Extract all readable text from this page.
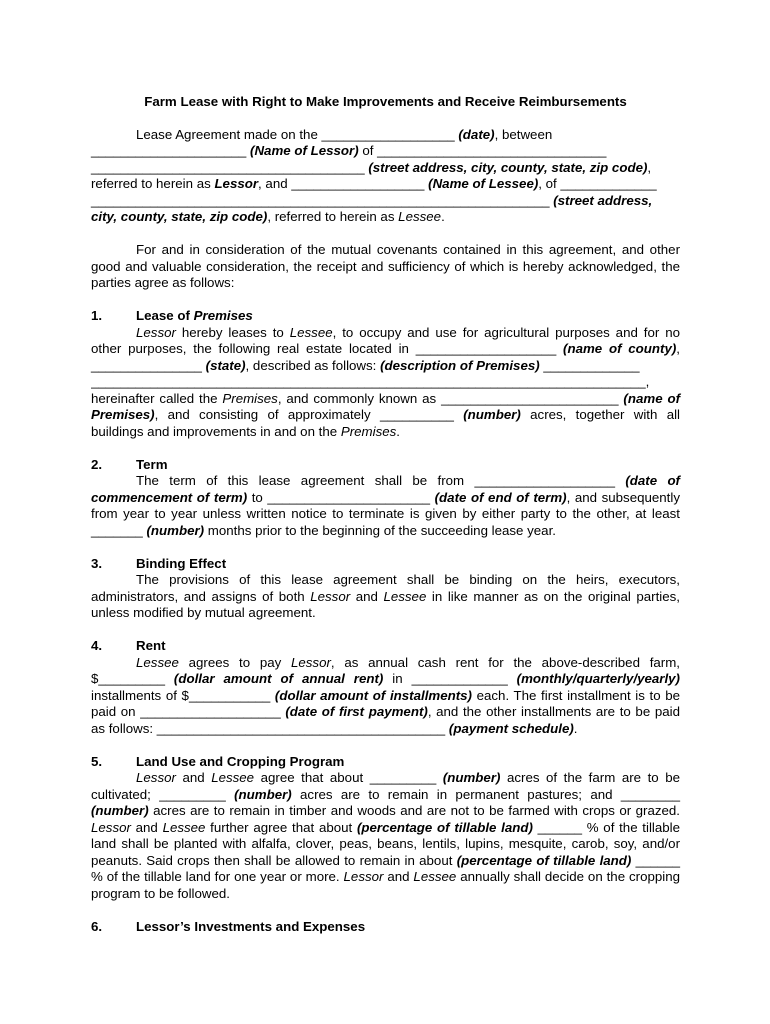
Farm Lease with Right to Make Improvements and Receive Reimbursements

Lease Agreement made on the __________________ (date), between

_____________________ (Name of Lessor) of _______________________________

_____________________________________ (street address, city, county, state, zip code),

referred to herein as Lessor, and __________________ (Name of Lessee), of _____________

______________________________________________________________ (street address,

city, county, state, zip code), referred to herein as Lessee.

For and in consideration of the mutual covenants contained in this agreement, and other good and valuable consideration, the receipt and sufficiency of which is hereby acknowledged, the parties agree as follows:

1.	Lease of Premises

Lessor hereby leases to Lessee, to occupy and use for agricultural purposes and for no other purposes, the following real estate located in ___________________ (name of county), _______________ (state), described as follows: (description of Premises) _____________

___________________________________________________________________________,

hereinafter called the Premises, and commonly known as ________________________ (name of Premises), and consisting of approximately __________ (number) acres, together with all buildings and improvements in and on the Premises.

2.	Term

The term of this lease agreement shall be from ___________________ (date of commencement of term) to ______________________ (date of end of term), and subsequently from year to year unless written notice to terminate is given by either party to the other, at least _______ (number) months prior to the beginning of the succeeding lease year.

3.	Binding Effect

The provisions of this lease agreement shall be binding on the heirs, executors, administrators, and assigns of both Lessor and Lessee in like manner as on the original parties, unless modified by mutual agreement.

4.	Rent

Lessee agrees to pay Lessor, as annual cash rent for the above-described farm, $_________ (dollar amount of annual rent) in _____________ (monthly/quarterly/yearly) installments of $___________ (dollar amount of installments) each. The first installment is to be paid on ___________________ (date of first payment), and the other installments are to be paid as follows: _______________________________________ (payment schedule).

5.	Land Use and Cropping Program

Lessor and Lessee agree that about _________ (number) acres of the farm are to be cultivated; _________ (number) acres are to remain in permanent pastures; and ________ (number) acres are to remain in timber and woods and are not to be farmed with crops or grazed. Lessor and Lessee further agree that about (percentage of tillable land) ______ % of the tillable land shall be planted with alfalfa, clover, peas, beans, lentils, lupins, mesquite, carob, soy, and/or peanuts. Said crops then shall be allowed to remain in about (percentage of tillable land) ______ % of the tillable land for one year or more. Lessor and Lessee annually shall decide on the cropping program to be followed.

6.	Lessor’s Investments and Expenses
